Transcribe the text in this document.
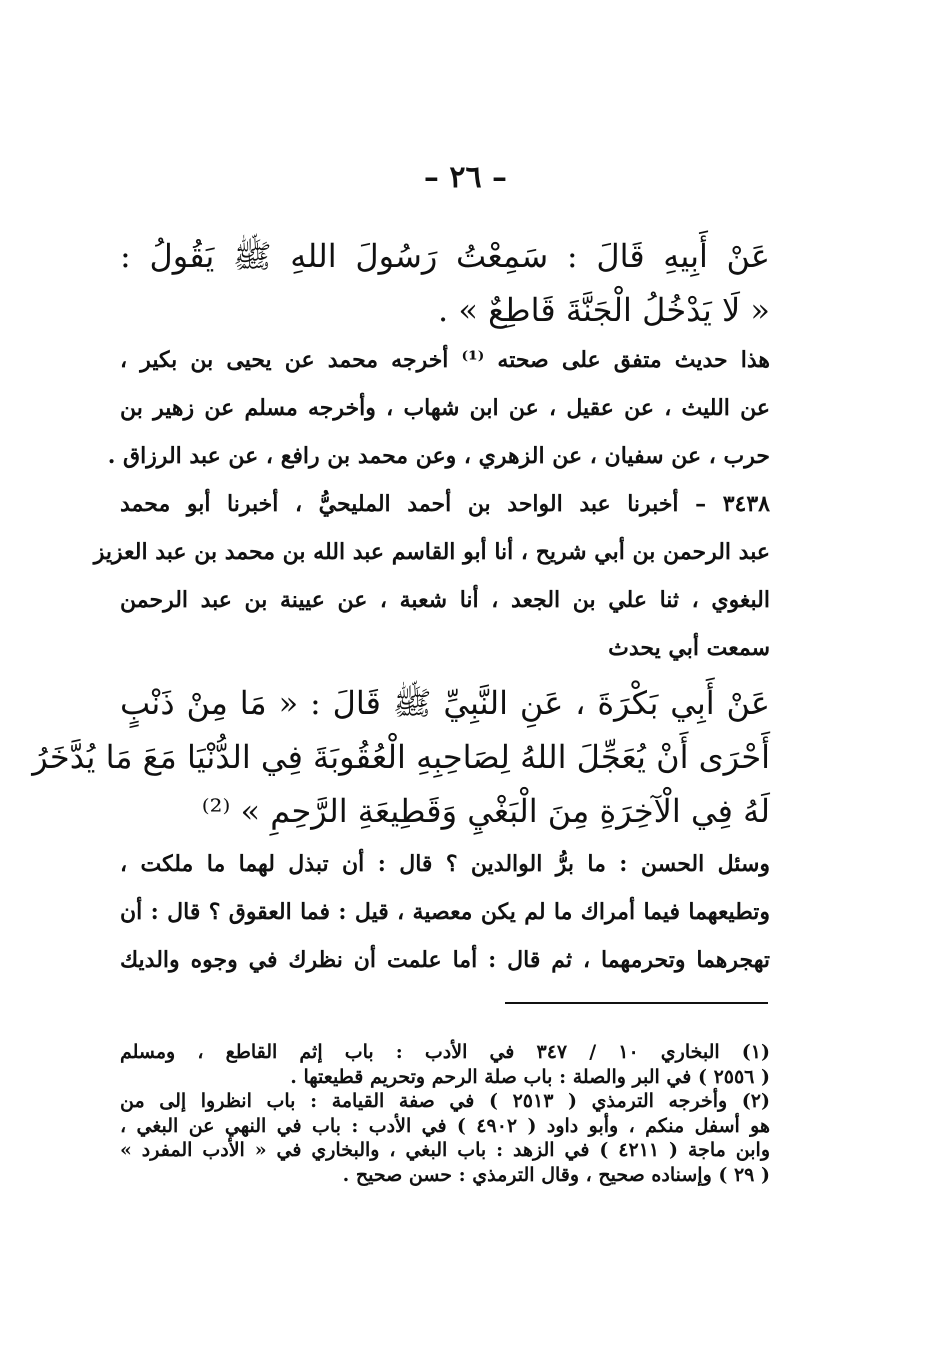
– ٢٦ –
عَنْ أَبِيهِ قَالَ : سَمِعْتُ رَسُولَ اللهِ ﷺ يَقُولُ :
« لَا يَدْخُلُ الْجَنَّةَ قَاطِعٌ » .
هذا حديث متفق على صحته ⁽¹⁾ أخرجه محمد عن يحيى بن بكير ،
عن الليث ، عن عقيل ، عن ابن شهاب ، وأخرجه مسلم عن زهير بن
حرب ، عن سفيان ، عن الزهري ، وعن محمد بن رافع ، عن عبد الرزاق .
٣٤٣٨ – أخبرنا عبد الواحد بن أحمد المليحيُّ ، أخبرنا أبو محمد
عبد الرحمن بن أبي شريح ، أنا أبو القاسم عبد الله بن محمد بن عبد العزيز
البغوي ، ثنا علي بن الجعد ، أنا شعبة ، عن عيينة بن عبد الرحمن
سمعت أبي يحدث
عَنْ أَبِي بَكْرَةَ ، عَنِ النَّبِيِّ ﷺ قَالَ : « مَا مِنْ ذَنْبٍ
أَحْرَى أَنْ يُعَجِّلَ اللهُ لِصَاحِبِهِ الْعُقُوبَةَ فِي الدُّنْيَا مَعَ مَا يُدَّخَرُ
لَهُ فِي الْآخِرَةِ مِنَ الْبَغْيِ وَقَطِيعَةِ الرَّحِمِ » ⁽²⁾
وسئل الحسن : ما برُّ الوالدين ؟ قال : أن تبذل لهما ما ملكت ،
وتطيعهما فيما أمراك ما لم يكن معصية ، قيل : فما العقوق ؟ قال : أن
تهجرهما وتحرمهما ، ثم قال : أما علمت أن نظرك في وجوه والديك
(١) البخاري ١٠ / ٣٤٧ في الأدب : باب إثم القاطع ، ومسلم
( ٢٥٥٦ ) في البر والصلة : باب صلة الرحم وتحريم قطيعتها .
(٢) وأخرجه الترمذي ( ٢٥١٣ ) في صفة القيامة : باب انظروا إلى من
هو أسفل منكم ، وأبو داود ( ٤٩٠٢ ) في الأدب : باب في النهي عن البغي ،
وابن ماجة ( ٤٢١١ ) في الزهد : باب البغي ، والبخاري في « الأدب المفرد »
( ٢٩ ) وإسناده صحيح ، وقال الترمذي : حسن صحيح .
